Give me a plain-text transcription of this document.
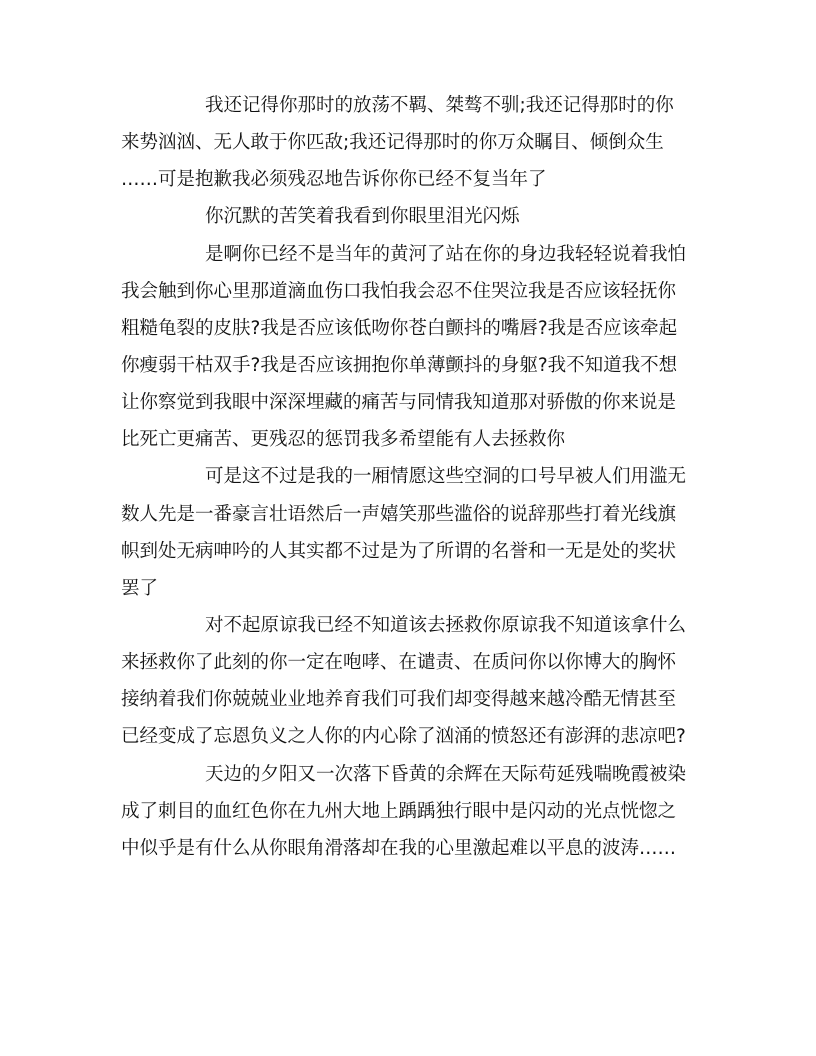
我还记得你那时的放荡不羁、桀骜不驯;我还记得那时的你
来势汹汹、无人敢于你匹敌;我还记得那时的你万众瞩目、倾倒众生
……可是抱歉我必须残忍地告诉你你已经不复当年了
你沉默的苦笑着我看到你眼里泪光闪烁
是啊你已经不是当年的黄河了站在你的身边我轻轻说着我怕
我会触到你心里那道滴血伤口我怕我会忍不住哭泣我是否应该轻抚你
粗糙龟裂的皮肤?我是否应该低吻你苍白颤抖的嘴唇?我是否应该牵起
你瘦弱干枯双手?我是否应该拥抱你单薄颤抖的身躯?我不知道我不想
让你察觉到我眼中深深埋藏的痛苦与同情我知道那对骄傲的你来说是
比死亡更痛苦、更残忍的惩罚我多希望能有人去拯救你
可是这不过是我的一厢情愿这些空洞的口号早被人们用滥无
数人先是一番豪言壮语然后一声嬉笑那些滥俗的说辞那些打着光线旗
帜到处无病呻吟的人其实都不过是为了所谓的名誉和一无是处的奖状
罢了
对不起原谅我已经不知道该去拯救你原谅我不知道该拿什么
来拯救你了此刻的你一定在咆哮、在谴责、在质问你以你博大的胸怀
接纳着我们你兢兢业业地养育我们可我们却变得越来越冷酷无情甚至
已经变成了忘恩负义之人你的内心除了汹涌的愤怒还有澎湃的悲凉吧?
天边的夕阳又一次落下昏黄的余辉在天际苟延残喘晚霞被染
成了刺目的血红色你在九州大地上踽踽独行眼中是闪动的光点恍惚之
中似乎是有什么从你眼角滑落却在我的心里激起难以平息的波涛……
